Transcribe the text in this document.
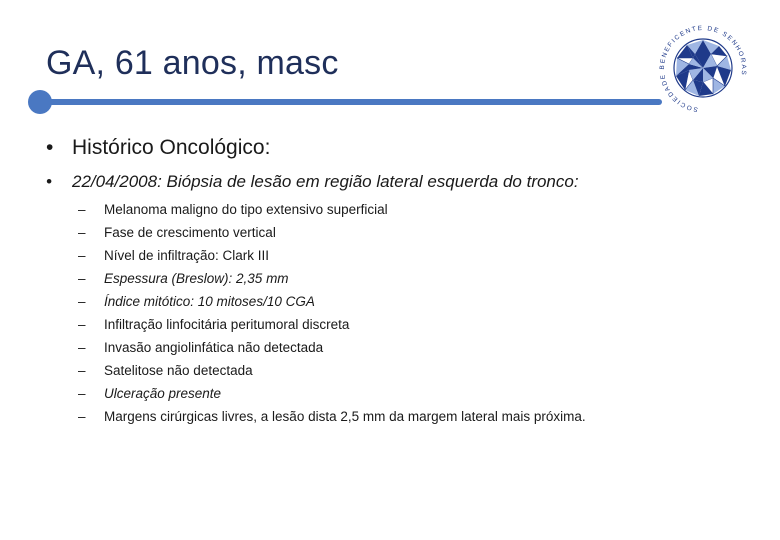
GA, 61 anos, masc
SOCIEDADE BENEFICENTE DE SENHORAS
• Histórico Oncológico:
• 22/04/2008: Biópsia de lesão em região lateral esquerda do tronco:
–	Melanoma maligno do tipo extensivo superficial
–	Fase de crescimento vertical
–	Nível de infiltração: Clark III
–	Espessura (Breslow): 2,35 mm
–	Índice mitótico: 10 mitoses/10 CGA
–	Infiltração linfocitária peritumoral discreta
–	Invasão angiolinfática não detectada
–	Satelitose não detectada
–	Ulceração presente
–	Margens cirúrgicas livres, a lesão dista 2,5 mm da margem lateral mais próxima.
